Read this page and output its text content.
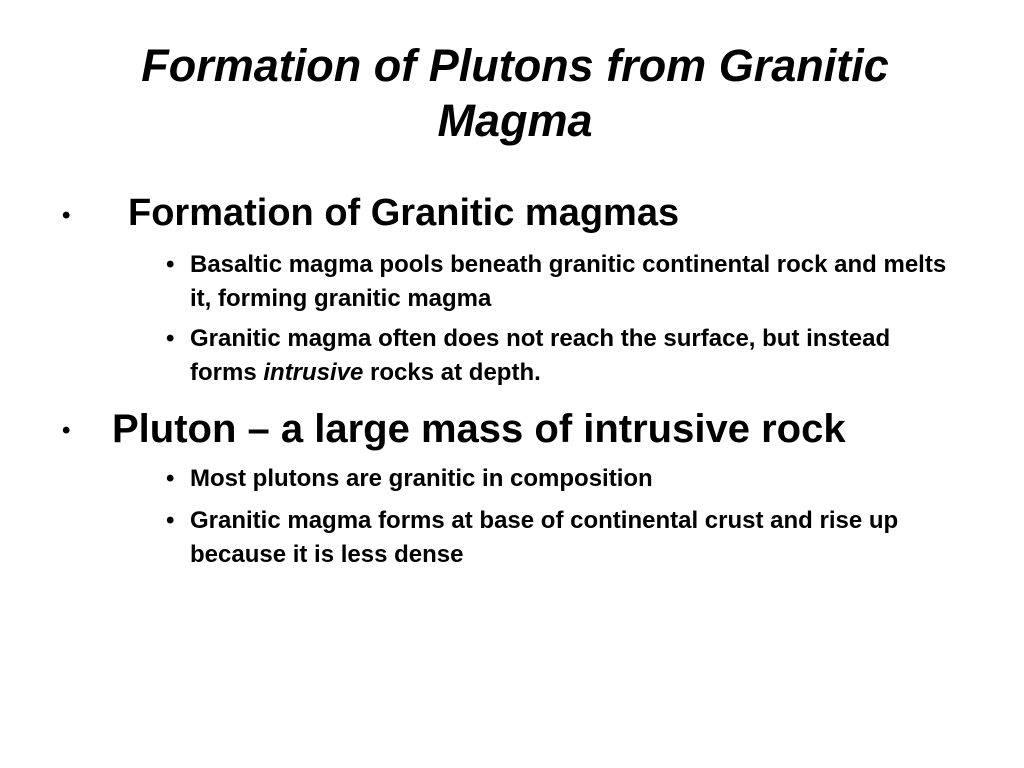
Formation of Plutons from Granitic Magma
• Formation of Granitic magmas
• Basaltic magma pools beneath granitic continental rock and melts it, forming granitic magma
• Granitic magma often does not reach the surface, but instead forms intrusive rocks at depth.
• Pluton – a large mass of intrusive rock
• Most plutons are granitic in composition
• Granitic magma forms at base of continental crust and rise up because it is less dense
